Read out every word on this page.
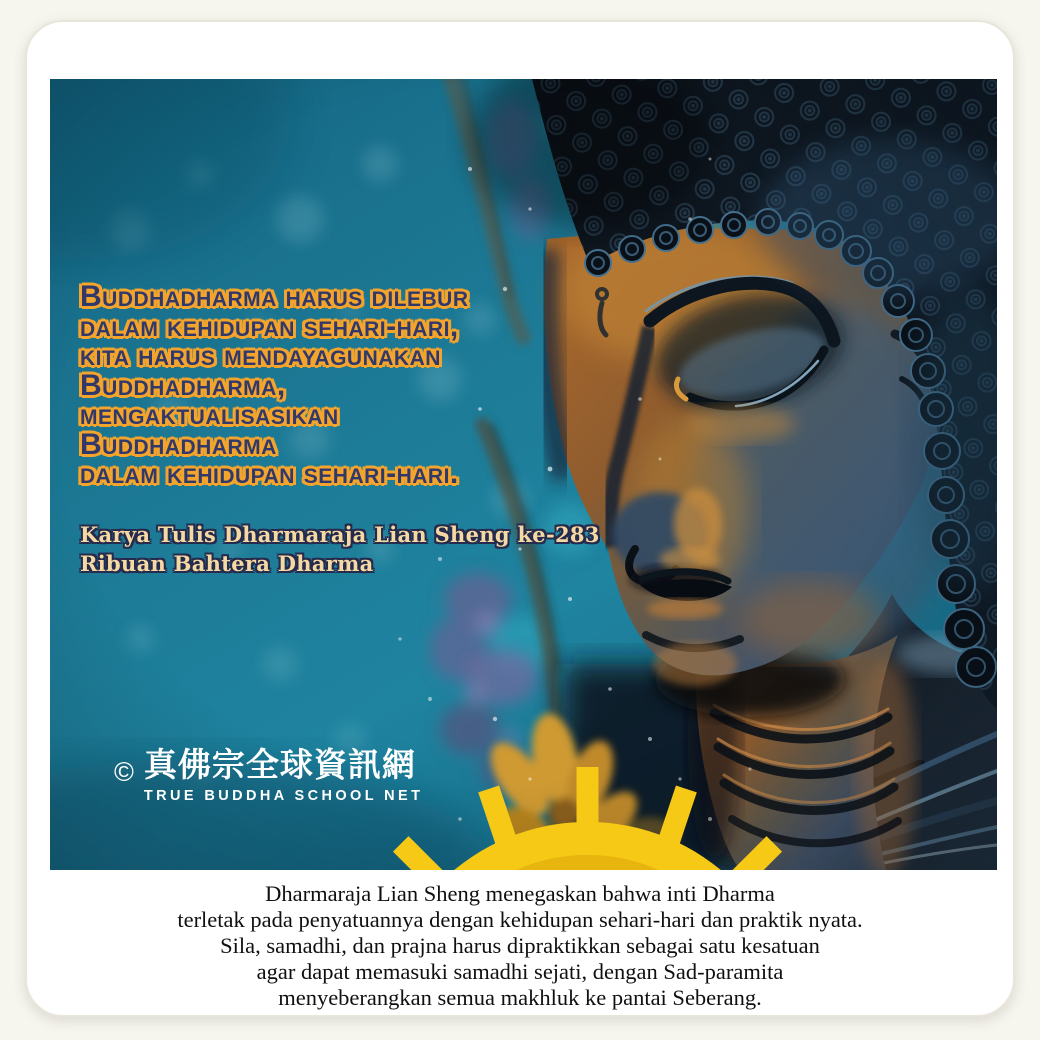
Buddhadharma harus dilebur
dalam kehidupan sehari-hari,
kita harus mendayagunakan
Buddhadharma,
mengaktualisasikan
Buddhadharma
dalam kehidupan sehari-hari.
Karya Tulis Dharmaraja Lian Sheng ke-283
Ribuan Bahtera Dharma
© 真佛宗全球資訊網
TRUE BUDDHA SCHOOL NET
Dharmaraja Lian Sheng menegaskan bahwa inti Dharma
terletak pada penyatuannya dengan kehidupan sehari-hari dan praktik nyata.
Sila, samadhi, dan prajna harus dipraktikkan sebagai satu kesatuan
agar dapat memasuki samadhi sejati, dengan Sad-paramita
menyeberangkan semua makhluk ke pantai Seberang.
